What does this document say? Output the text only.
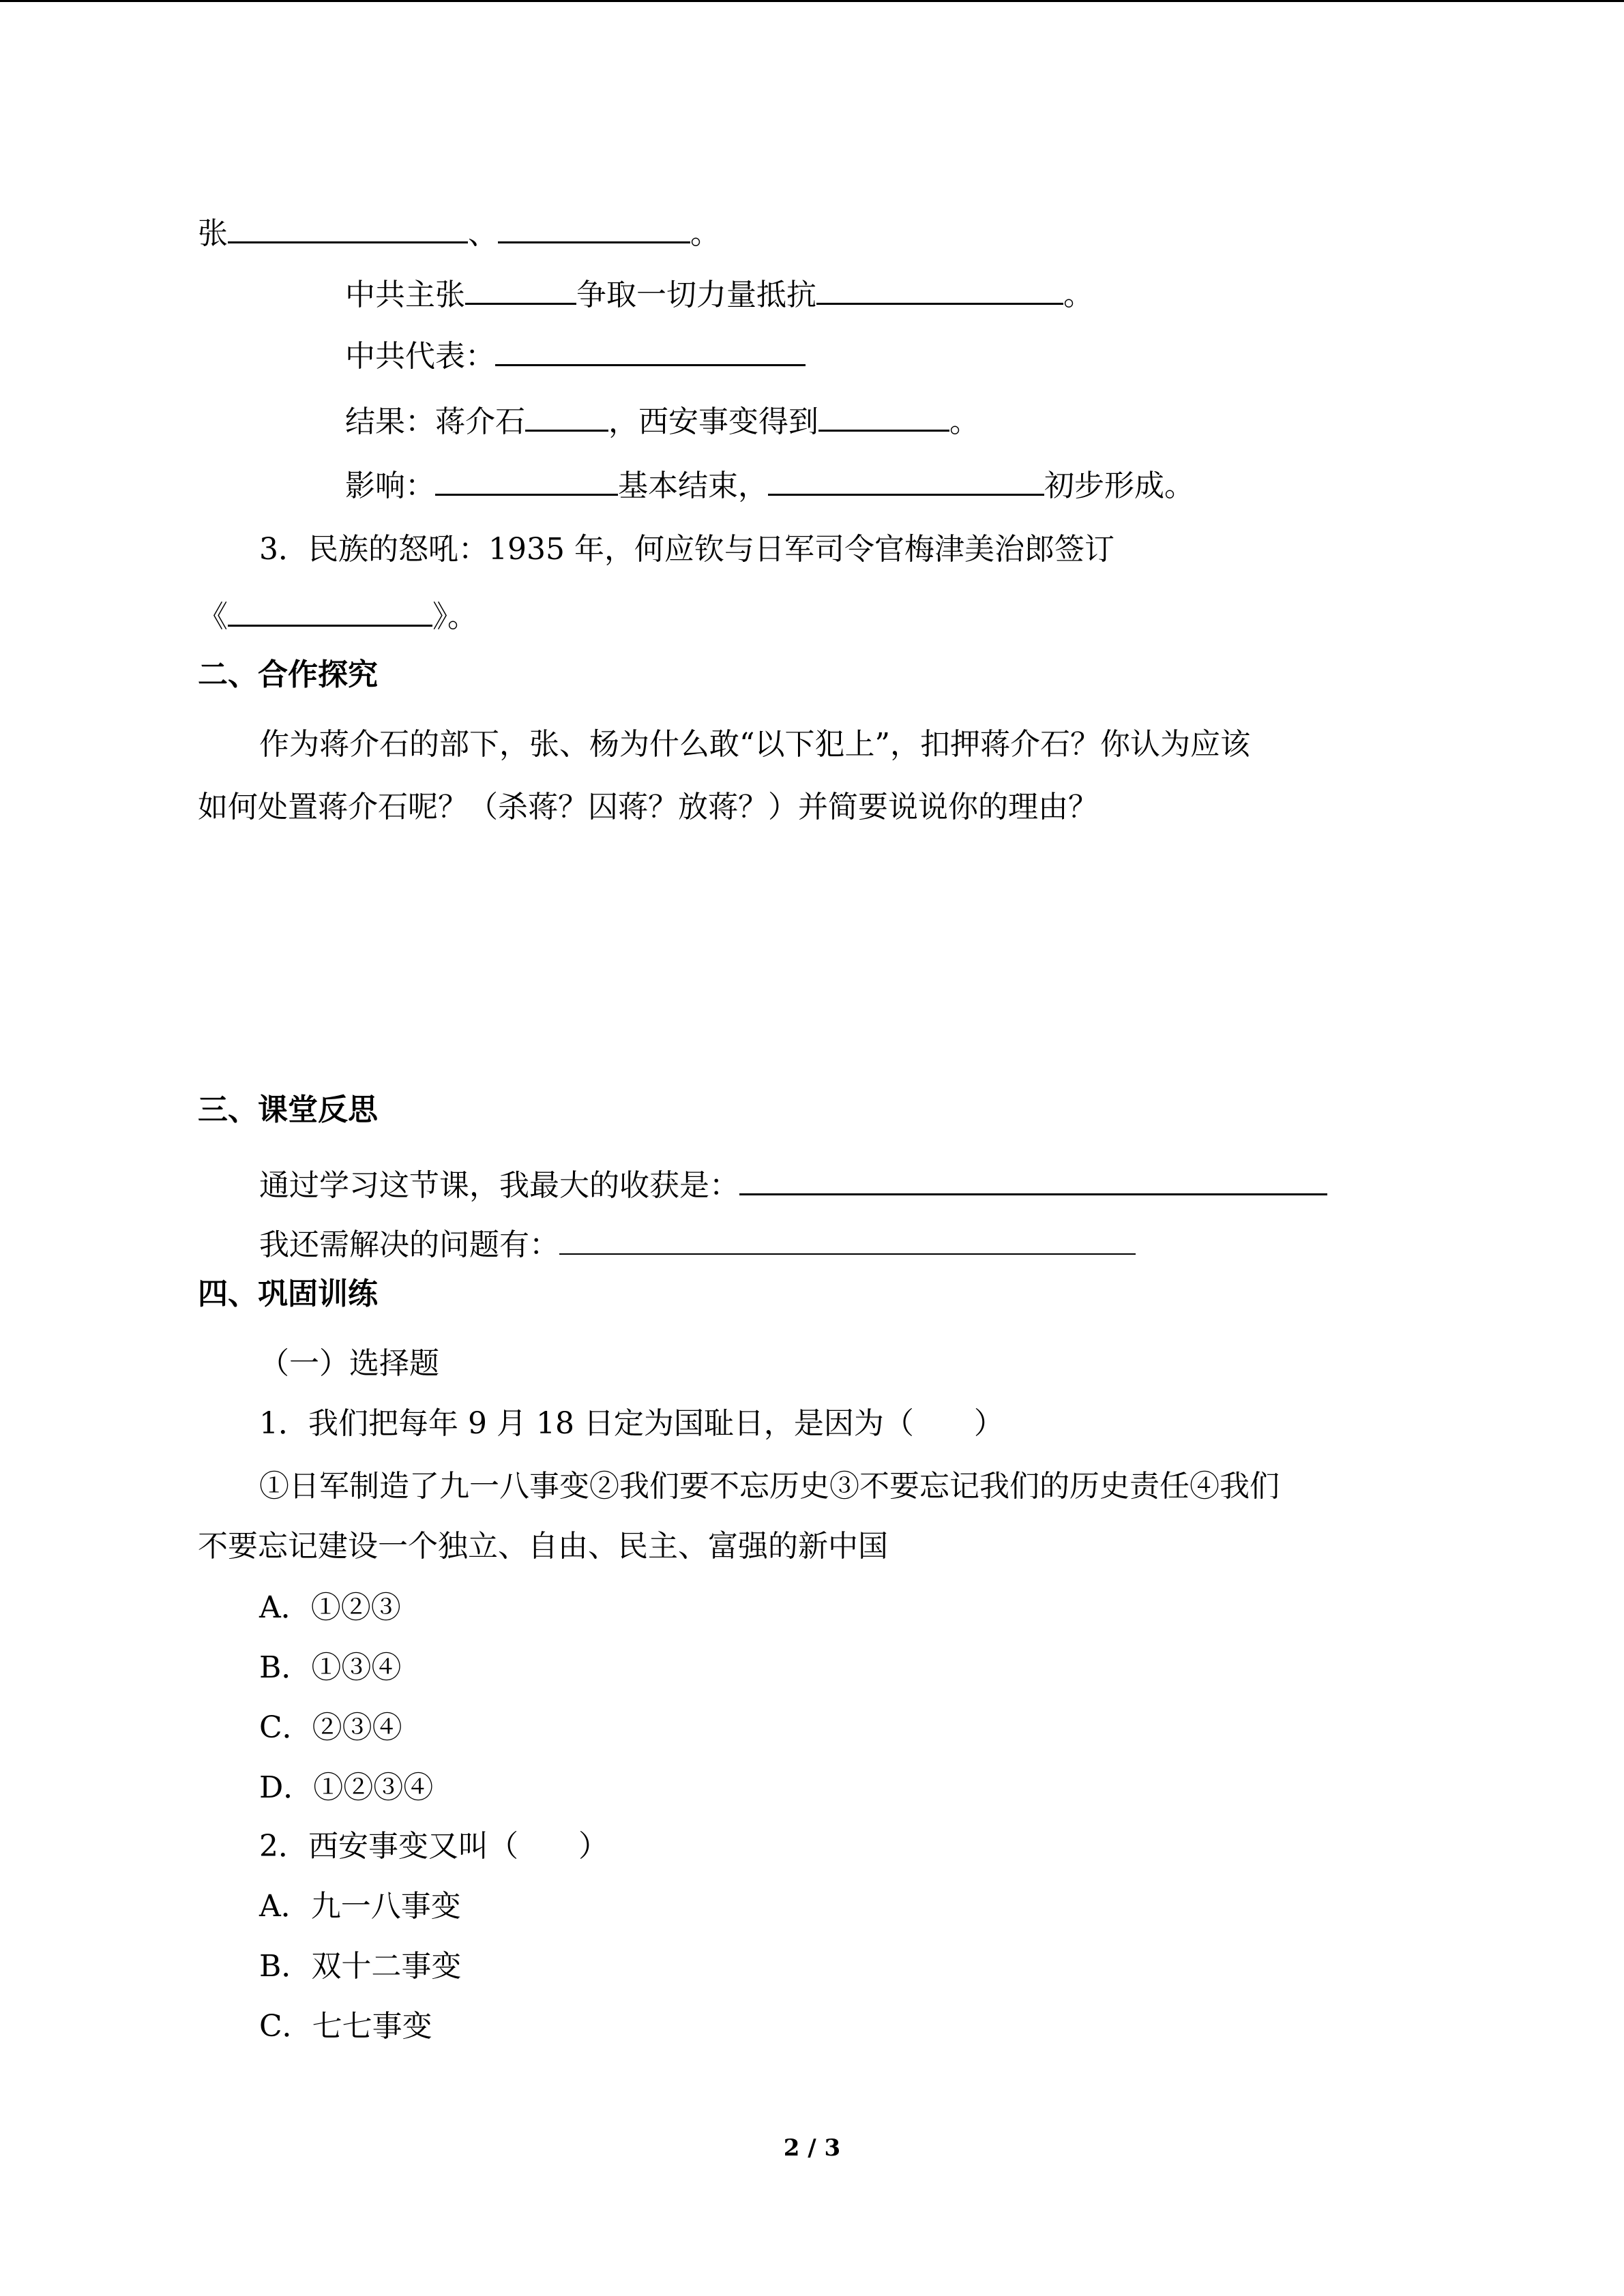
张	、	。
中共主张	争取一切力量抵抗	。
中共代表：
结果：蒋介石	，西安事变得到	。
影响：	基本结束，	初步形成。
3．民族的怒吼：1935 年，何应钦与日军司令官梅津美治郎签订
《	》。
二、合作探究
作为蒋介石的部下，张、杨为什么敢“以下犯上”，扣押蒋介石？你认为应该
如何处置蒋介石呢？（杀蒋？囚蒋？放蒋？）并简要说说你的理由？
三、课堂反思
通过学习这节课，我最大的收获是：
我还需解决的问题有：
四、巩固训练
（一）选择题
1．我们把每年 9 月 18 日定为国耻日，是因为（　　）
①日军制造了九一八事变②我们要不忘历史③不要忘记我们的历史责任④我们
不要忘记建设一个独立、自由、民主、富强的新中国
A．①②③
B．①③④
C．②③④
D．①②③④
2．西安事变又叫（　　）
A．九一八事变
B．双十二事变
C．七七事变
2 / 3
